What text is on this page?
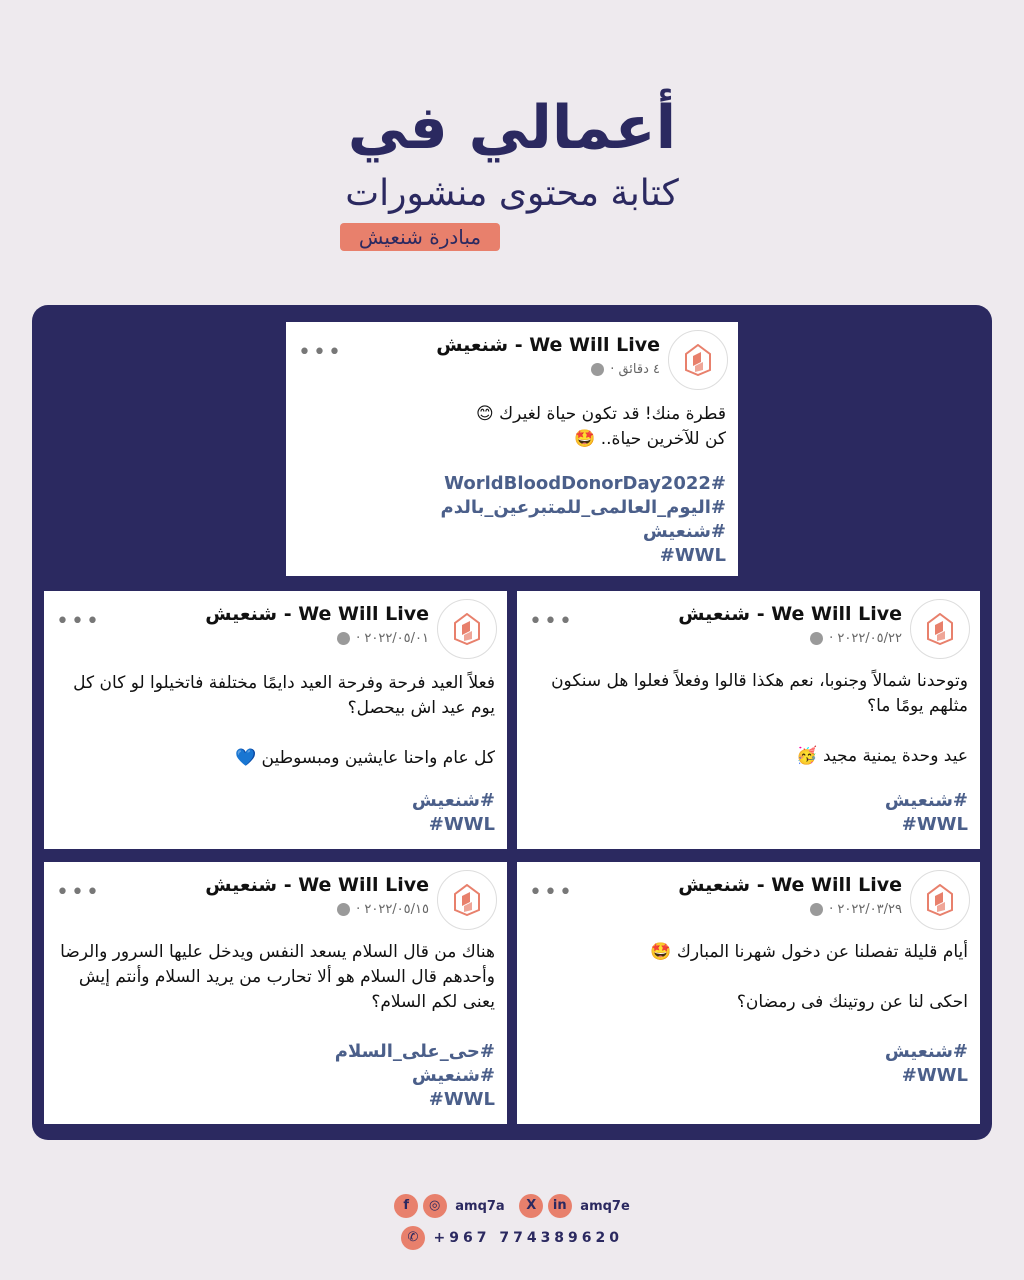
أعمالي في
كتابة محتوى منشورات
مبادرة شنعيش
We Will Live - شنعيش
٤ دقائق ·
•••

قطرة منك! قد تكون حياة لغيرك 😊

كن للآخرين حياة.. 🤩

WorldBloodDonorDay2022#
#اليوم_العالمى_للمتبرعين_بالدم
#شنعيش
WWL#
We Will Live - شنعيش
٢٠٢٢/٠٥/٢٢ ·
•••

وتوحدنا شمالاً وجنوبا، نعم هكذا قالوا وفعلاً فعلوا هل سنكون مثلهم يومًا ما؟

عيد وحدة يمنية مجيد 🥳

#شنعيش
WWL#
We Will Live - شنعيش
٢٠٢٢/٠٥/٠١ ·
•••

فعلاً العيد فرحة وفرحة العيد دايمًا مختلفة فاتخيلوا لو كان كل يوم عيد اش بيحصل؟

كل عام واحنا عايشين ومبسوطين 💙

#شنعيش
WWL#
We Will Live - شنعيش
٢٠٢٢/٠٣/٢٩ ·
•••

أيام قليلة تفصلنا عن دخول شهرنا المبارك 🤩

احكى لنا عن روتينك فى رمضان؟

#شنعيش
WWL#
We Will Live - شنعيش
٢٠٢٢/٠٥/١٥ ·
•••

هناك من قال السلام يسعد النفس ويدخل عليها السرور والرضا وأحدهم قال السلام هو ألا تحارب من يريد السلام وأنتم إيش يعنى لكم السلام؟

#حى_على_السلام
#شنعيش
WWL#
f ◎ amq7a X in amq7e
✆ +967 774389620
